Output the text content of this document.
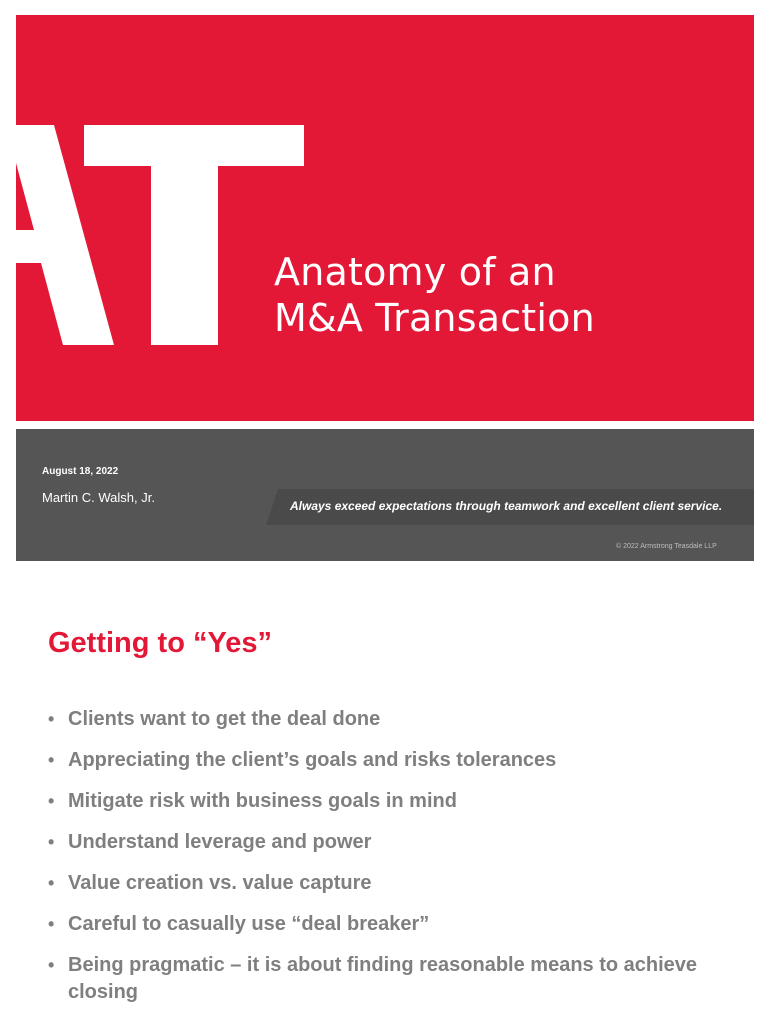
Anatomy of an
M&A Transaction
August 18, 2022
Martin C. Walsh, Jr.
Always exceed expectations through teamwork and excellent client service.
© 2022 Armstrong Teasdale LLP
Getting to “Yes”
• Clients want to get the deal done
• Appreciating the client’s goals and risks tolerances
• Mitigate risk with business goals in mind
• Understand leverage and power
• Value creation vs. value capture
• Careful to casually use “deal breaker”
• Being pragmatic – it is about finding reasonable means to achieve closing
